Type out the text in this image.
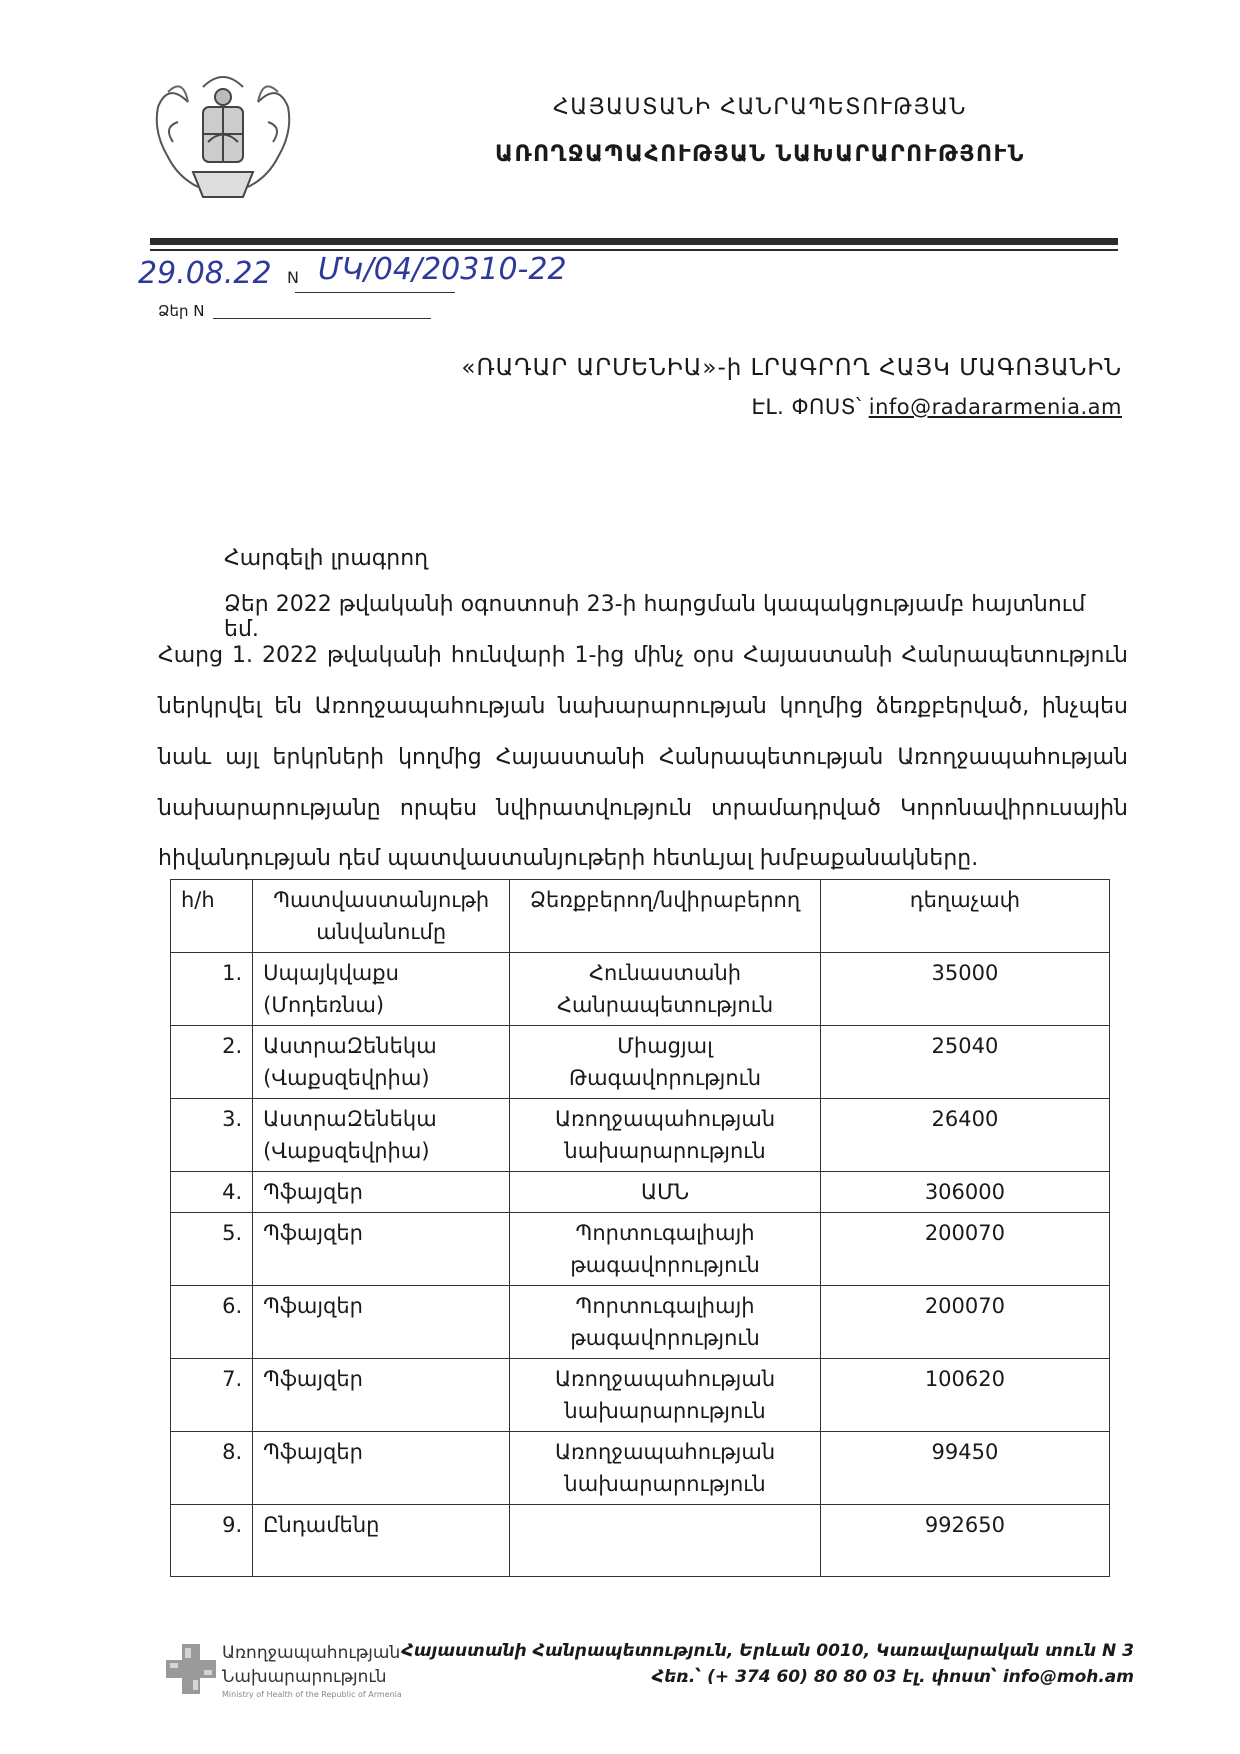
ՀԱՅԱՍՏԱՆԻ ՀԱՆՐԱՊԵՏՈՒԹՅԱՆ
ԱՌՈՂՋԱՊԱՀՈՒԹՅԱՆ ՆԱԽԱՐԱՐՈՒԹՅՈՒՆ
29.08.22 N ՄԿ/04/20310-22
Ձեր N
«ՌԱԴԱՐ ԱՐՄԵՆԻԱ»-ի ԼՐԱԳՐՈՂ ՀԱՅԿ ՄԱԳՈՅԱՆԻՆ
ԷԼ. ՓՈՍՏ՝ info@radararmenia.am
Հարգելի լրագրող
Ձեր 2022 թվականի օգոստոսի 23-ի հարցման կապակցությամբ հայտնում եմ.
Հարց 1. 2022 թվականի հունվարի 1-ից մինչ օրս Հայաստանի Հանրապետություն
ներկրվել են Առողջապահության նախարարության կողմից ձեռքբերված, ինչպես
նաև այլ երկրների կողմից Հայաստանի Հանրապետության Առողջապահության
նախարարությանը որպես նվիրատվություն տրամադրված Կորոնավիրուսային
հիվանդության դեմ պատվաստանյութերի հետևյալ խմբաքանակները.
հ/հ	Պատվաստանյութի անվանումը	Ձեռքբերող/նվիրաբերող	դեղաչափ
1.	Սպայկվաքս (Մոդեռնա)	Հունաստանի Հանրապետություն	35000
2.	ԱստրաԶենեկա (Վաքսզեվրիա)	Միացյալ Թագավորություն	25040
3.	ԱստրաԶենեկա (Վաքսզեվրիա)	Առողջապահության նախարարություն	26400
4.	Պֆայզեր	ԱՄՆ	306000
5.	Պֆայզեր	Պորտուգալիայի թագավորություն	200070
6.	Պֆայզեր	Պորտուգալիայի թագավորություն	200070
7.	Պֆայզեր	Առողջապահության նախարարություն	100620
8.	Պֆայզեր	Առողջապահության նախարարություն	99450
9.	Ընդամենը		992650
Առողջապահության
Նախարարություն
Ministry of Health of the Republic of Armenia
Հայաստանի Հանրապետություն, Երևան 0010, Կառավարական տուն N 3
Հեռ.՝ (+ 374 60) 80 80 03 էլ. փոստ՝ info@moh.am
